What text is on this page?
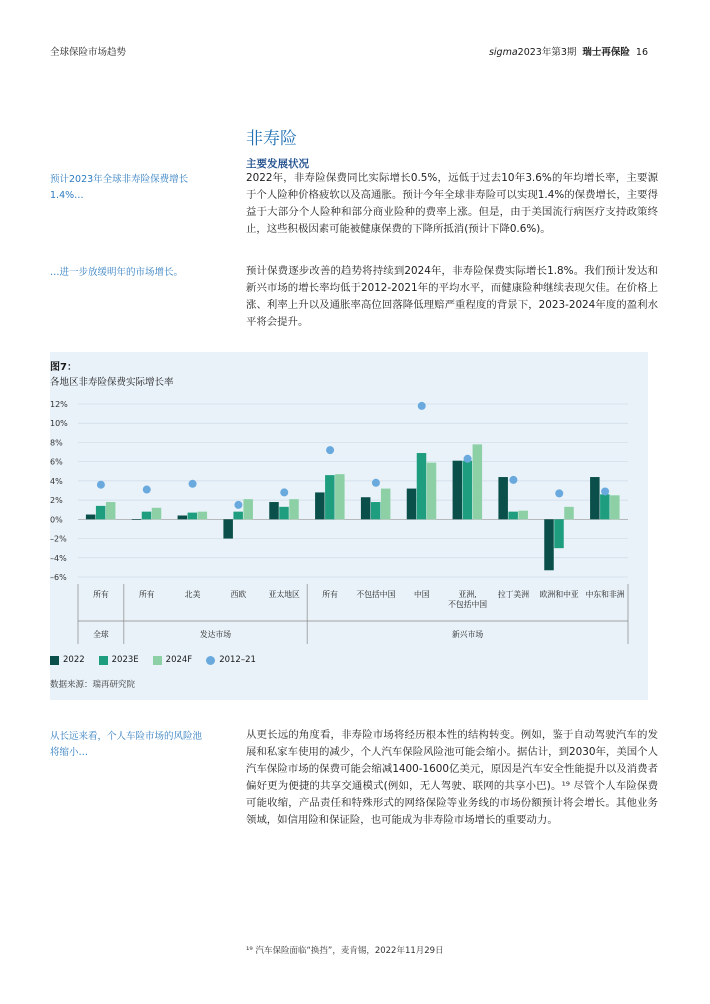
全球保险市场趋势	sigma2023年第3期 瑞士再保险 16
非寿险
主要发展状况
预计2023年全球非寿险保费增长1.4%…
…进一步放缓明年的市场增长。
从长远来看，个人车险市场的风险池将缩小…
2022年，非寿险保费同比实际增长0.5%，远低于过去10年3.6%的年均增长率，主要源于个人险种价格疲软以及高通胀。预计今年全球非寿险可以实现1.4%的保费增长，主要得益于大部分个人险种和部分商业险种的费率上涨。但是，由于美国流行病医疗支持政策终止，这些积极因素可能被健康保费的下降所抵消(预计下降0.6%)。
预计保费逐步改善的趋势将持续到2024年，非寿险保费实际增长1.8%。我们预计发达和新兴市场的增长率均低于2012-2021年的平均水平，而健康险种继续表现欠佳。在价格上涨、利率上升以及通胀率高位回落降低理赔严重程度的背景下，2023-2024年度的盈利水平将会提升。
从更长远的角度看，非寿险市场将经历根本性的结构转变。例如，鉴于自动驾驶汽车的发展和私家车使用的减少，个人汽车保险风险池可能会缩小。据估计，到2030年，美国个人汽车保险市场的保费可能会缩减1400-1600亿美元，原因是汽车安全性能提升以及消费者偏好更为便捷的共享交通模式(例如，无人驾驶、联网的共享小巴)。¹⁹ 尽管个人车险保费可能收缩，产品责任和特殊形式的网络保险等业务线的市场份额预计将会增长。其他业务领域，如信用险和保证险，也可能成为非寿险市场增长的重要动力。
图7：
各地区非寿险保费实际增长率
12%
10%
8%
6%
4%
2%
0%
–2%
–4%
–6%
所有	所有	北美	西欧	亚太地区	所有 不包括中国 中国	亚洲,
不包括中国
拉丁美洲 欧洲和中亚 中东和非洲
全球	发达市场	新兴市场
2022	2023E	2024F	2012–21
数据来源：瑞再研究院
¹⁹ 汽车保险面临“换挡”，麦肯锡，2022年11月29日
